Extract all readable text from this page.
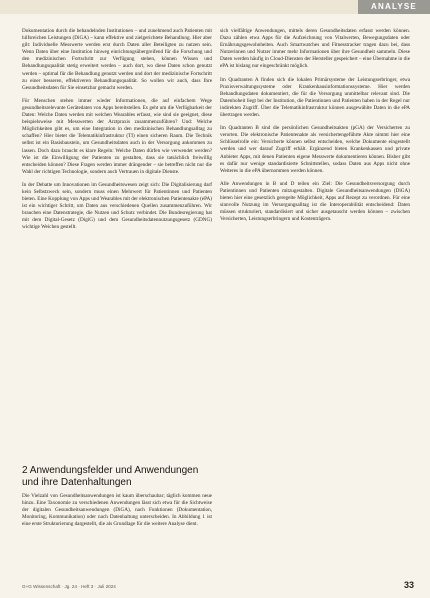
ANALYSE

Dokumentation durch die behandelnden Institutionen – und zunehmend auch Patienten mit hilfsreichen Leistungen (DiGA) – kann effektive und zielgerichtete Behandlung. Hier aber gilt: Individuelle Messwerte werden erst durch Daten aller Beteiligten zu nutzen sein. Wenn Daten über eine Institution hinweg einrichtungsübergreifend für die Forschung und den medizinischen Fortschritt zur Verfügung stehen, können Wissen und Behandlungsqualität stetig erweitert werden – auch dort, wo diese Daten schon genutzt werden – optimal für die Behandlung genutzt werden und dort der medizinische Fortschritt zu einer besseren, effektiveren Behandlungsqualität. So wollen wir auch, dass Ihre Gesundheitsdaten für Sie einsetzbar gemacht werden.

Für Menschen stehen immer wieder Informationen, die auf einfachem Wege gesundheitsrelevante Gerätedaten von Apps bereitstellen. Es geht um die Verfügbarkeit der Daten: Welche Daten werden mit welchen Wearables erfasst, wie sind sie geeignet, diese beispielsweise mit Messwerten der Arztpraxis zusammenzuführen? Und: Welche Möglichkeiten gibt es, um eine Integration in den medizinischen Behandlungsalltag zu schaffen? Hier bietet die Telematikinfrastruktur (TI) einen sicheren Raum. Die Technik selbst ist ein Basisbaustein, um Gesundheitsdaten auch in der Versorgung ankommen zu lassen. Doch dazu braucht es klare Regeln: Welche Daten dürfen wie verwendet werden? Wie ist die Einwilligung der Patienten zu gestalten, dass sie tatsächlich freiwillig entscheiden können? Diese Fragen werden immer drängender – sie betreffen nicht nur die Wahl der richtigen Technologie, sondern auch Vertrauen in digitale Dienste.

In der Debatte um Innovationen im Gesundheitswesen zeigt sich: Die Digitalisierung darf kein Selbstzweck sein, sondern muss einen Mehrwert für Patientinnen und Patienten bieten. Eine Kopplung von Apps und Wearables mit der elektronischen Patientenakte (ePA) ist ein wichtiger Schritt, um Daten aus verschiedenen Quellen zusammenzuführen. Wir brauchen eine Datenstrategie, die Nutzen und Schutz verbindet. Die Bundesregierung hat mit dem Digital-Gesetz (DigiG) und dem Gesundheitsdatennutzungsgesetz (GDNG) wichtige Weichen gestellt.

2 Anwendungsfelder und Anwendungen und ihre Datenhaltungen

Die Vielzahl von Gesundheitsanwendungen ist kaum überschaubar; täglich kommen neue hinzu. Eine Taxonomie zu verschiedenen Anwendungen lässt sich etwa für die Sichtweise der digitalen Gesundheitsanwendungen (DiGA), nach Funktionen (Dokumentation, Monitoring, Kommunikation) oder nach Datenhaltung unterscheiden. In Abbildung 1 ist eine erste Strukturierung dargestellt, die als Grundlage für die weitere Analyse dient.

sich vielfältige Anwendungen, mittels deren Gesundheitsdaten erfasst werden können. Dazu zählen etwa Apps für die Aufzeichnung von Vitalwerten, Bewegungsdaten oder Ernährungsgewohnheiten. Auch Smartwatches und Fitnesstracker tragen dazu bei, dass Nutzerinnen und Nutzer immer mehr Informationen über ihre Gesundheit sammeln. Diese Daten werden häufig in Cloud-Diensten der Hersteller gespeichert – eine Übernahme in die ePA ist bislang nur eingeschränkt möglich.

Im Quadranten A finden sich die lokalen Primärsysteme der Leistungserbringer, etwa Praxisverwaltungssysteme oder Krankenhausinformationssysteme. Hier werden Behandlungsdaten dokumentiert, die für die Versorgung unmittelbar relevant sind. Die Datenhoheit liegt bei der Institution, die Patientinnen und Patienten haben in der Regel nur indirekten Zugriff. Über die Telematikinfrastruktur können ausgewählte Daten in die ePA übertragen werden.

Im Quadranten B sind die persönlichen Gesundheitsakten (pGA) der Versicherten zu verorten. Die elektronische Patientenakte als versichertengeführte Akte nimmt hier eine Schlüsselrolle ein: Versicherte können selbst entscheiden, welche Dokumente eingestellt werden und wer darauf Zugriff erhält. Ergänzend bieten Krankenkassen und private Anbieter Apps, mit denen Patienten eigene Messwerte dokumentieren können. Bisher gibt es dafür nur wenige standardisierte Schnittstellen, sodass Daten aus Apps nicht ohne Weiteres in die ePA übernommen werden können.

Alle Anwendungen in B und D teilen ein Ziel: Die Gesundheitsversorgung durch Patientinnen und Patienten mitzugestalten. Digitale Gesundheitsanwendungen (DiGA) bieten hier eine gesetzlich geregelte Möglichkeit, Apps auf Rezept zu verordnen. Für eine sinnvolle Nutzung im Versorgungsalltag ist die Interoperabilität entscheidend: Daten müssen strukturiert, standardisiert und sicher ausgetauscht werden können – zwischen Versicherten, Leistungserbringern und Kostenträgern.

G+G Wissenschaft · Jg. 24 · Heft 3 · Juli 2024	33
